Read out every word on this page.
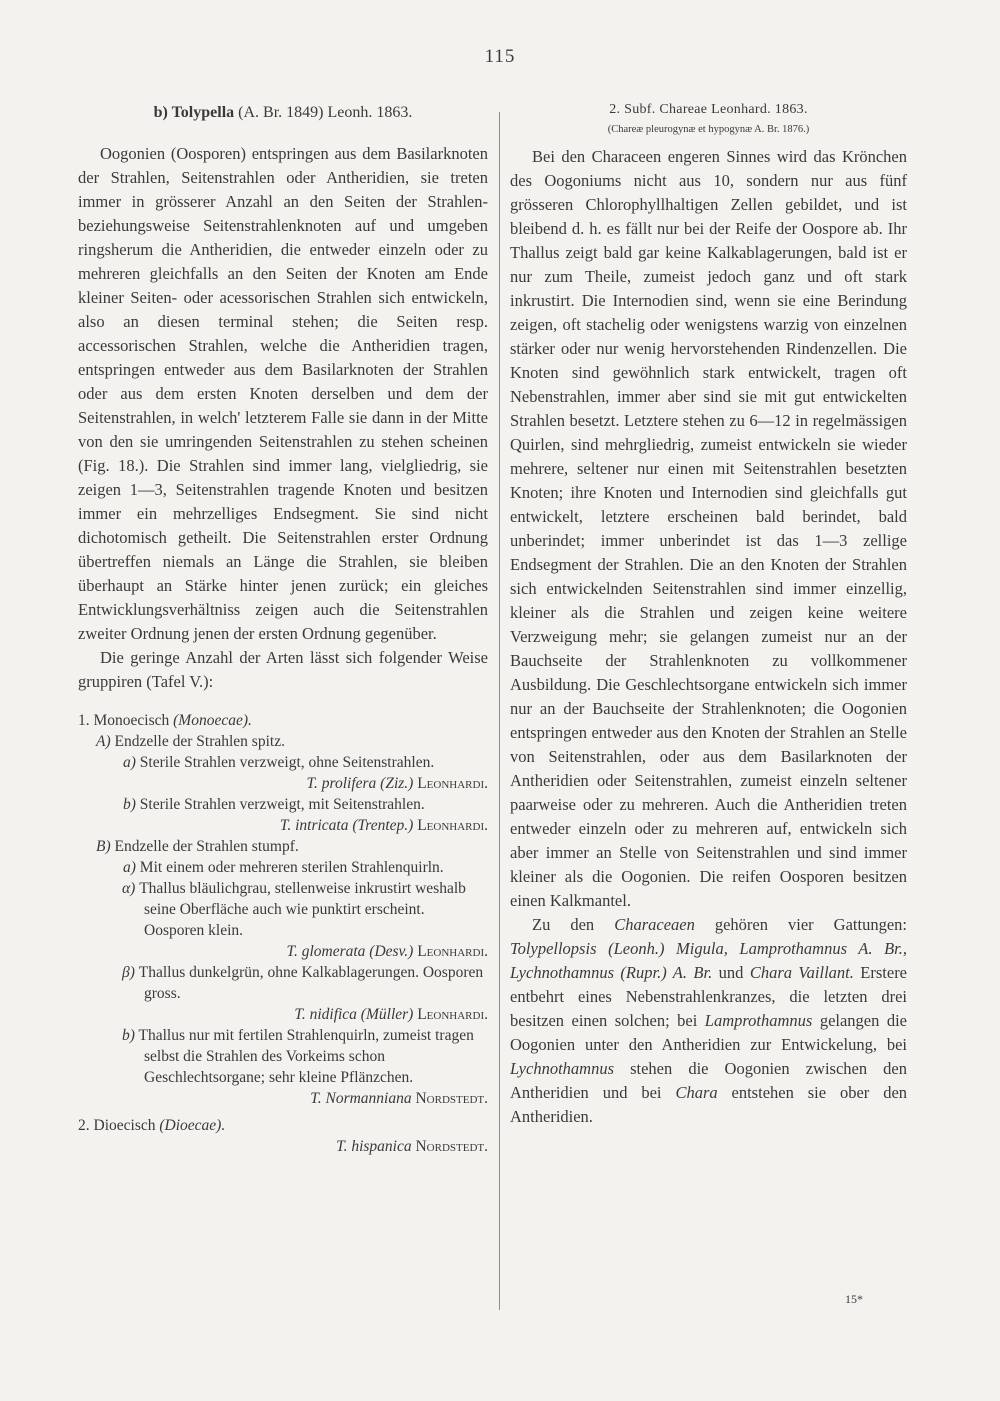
115

b) Tolypella (A. Br. 1849) Leonh. 1863.

Oogonien (Oosporen) entspringen aus dem Basilarknoten der Strahlen, Seitenstrahlen oder Antheridien, sie treten immer in grösserer Anzahl an den Seiten der Strahlen- beziehungsweise Seitenstrahlenknoten auf und umgeben ringsherum die Antheridien, die entweder einzeln oder zu mehreren gleichfalls an den Seiten der Knoten am Ende kleiner Seiten- oder acessorischen Strahlen sich entwickeln, also an diesen terminal stehen; die Seiten resp. accessorischen Strahlen, welche die Antheridien tragen, entspringen entweder aus dem Basilarknoten der Strahlen oder aus dem ersten Knoten derselben und dem der Seitenstrahlen, in welch' letzterem Falle sie dann in der Mitte von den sie umringenden Seitenstrahlen zu stehen scheinen (Fig. 18.). Die Strahlen sind immer lang, vielgliedrig, sie zeigen 1—3, Seitenstrahlen tragende Knoten und besitzen immer ein mehrzelliges Endsegment. Sie sind nicht dichotomisch getheilt. Die Seitenstrahlen erster Ordnung übertreffen niemals an Länge die Strahlen, sie bleiben überhaupt an Stärke hinter jenen zurück; ein gleiches Entwicklungsverhältniss zeigen auch die Seitenstrahlen zweiter Ordnung jenen der ersten Ordnung gegenüber.

Die geringe Anzahl der Arten lässt sich folgender Weise gruppiren (Tafel V.):

1. Monoecisch (Monoecae).
A) Endzelle der Strahlen spitz.
a) Sterile Strahlen verzweigt, ohne Seitenstrahlen.
T. prolifera (Ziz.) Leonhardi.
b) Sterile Strahlen verzweigt, mit Seitenstrahlen.
T. intricata (Trentep.) Leonhardi.
B) Endzelle der Strahlen stumpf.
a) Mit einem oder mehreren sterilen Strahlenquirln.
α) Thallus bläulichgrau, stellenweise inkrustirt weshalb seine Oberfläche auch wie punktirt erscheint. Oosporen klein.
T. glomerata (Desv.) Leonhardi.
β) Thallus dunkelgrün, ohne Kalkablagerungen. Oosporen gross.
T. nidifica (Müller) Leonhardi.
b) Thallus nur mit fertilen Strahlenquirln, zumeist tragen selbst die Strahlen des Vorkeims schon Geschlechtsorgane; sehr kleine Pflänzchen.
T. Normanniana Nordstedt.
2. Dioecisch (Dioecae).
T. hispanica Nordstedt.

2. Subf. Chareae Leonhard. 1863.

(Chareæ pleurogynæ et hypogynæ A. Br. 1876.)

Bei den Characeen engeren Sinnes wird das Krönchen des Oogoniums nicht aus 10, sondern nur aus fünf grösseren Chlorophyllhaltigen Zellen gebildet, und ist bleibend d. h. es fällt nur bei der Reife der Oospore ab. Ihr Thallus zeigt bald gar keine Kalkablagerungen, bald ist er nur zum Theile, zumeist jedoch ganz und oft stark inkrustirt. Die Internodien sind, wenn sie eine Berindung zeigen, oft stachelig oder wenigstens warzig von einzelnen stärker oder nur wenig hervorstehenden Rindenzellen. Die Knoten sind gewöhnlich stark entwickelt, tragen oft Nebenstrahlen, immer aber sind sie mit gut entwickelten Strahlen besetzt. Letztere stehen zu 6—12 in regelmässigen Quirlen, sind mehrgliedrig, zumeist entwickeln sie wieder mehrere, seltener nur einen mit Seitenstrahlen besetzten Knoten; ihre Knoten und Internodien sind gleichfalls gut entwickelt, letztere erscheinen bald berindet, bald unberindet; immer unberindet ist das 1—3 zellige Endsegment der Strahlen. Die an den Knoten der Strahlen sich entwickelnden Seitenstrahlen sind immer einzellig, kleiner als die Strahlen und zeigen keine weitere Verzweigung mehr; sie gelangen zumeist nur an der Bauchseite der Strahlenknoten zu vollkommener Ausbildung. Die Geschlechtsorgane entwickeln sich immer nur an der Bauchseite der Strahlenknoten; die Oogonien entspringen entweder aus den Knoten der Strahlen an Stelle von Seitenstrahlen, oder aus dem Basilarknoten der Antheridien oder Seitenstrahlen, zumeist einzeln seltener paarweise oder zu mehreren. Auch die Antheridien treten entweder einzeln oder zu mehreren auf, entwickeln sich aber immer an Stelle von Seitenstrahlen und sind immer kleiner als die Oogonien. Die reifen Oosporen besitzen einen Kalkmantel.

Zu den Characeaen gehören vier Gattungen: Tolypellopsis (Leonh.) Migula, Lamprothamnus A. Br., Lychnothamnus (Rupr.) A. Br. und Chara Vaillant. Erstere entbehrt eines Nebenstrahlenkranzes, die letzten drei besitzen einen solchen; bei Lamprothamnus gelangen die Oogonien unter den Antheridien zur Entwickelung, bei Lychnothamnus stehen die Oogonien zwischen den Antheridien und bei Chara entstehen sie ober den Antheridien.

15*
